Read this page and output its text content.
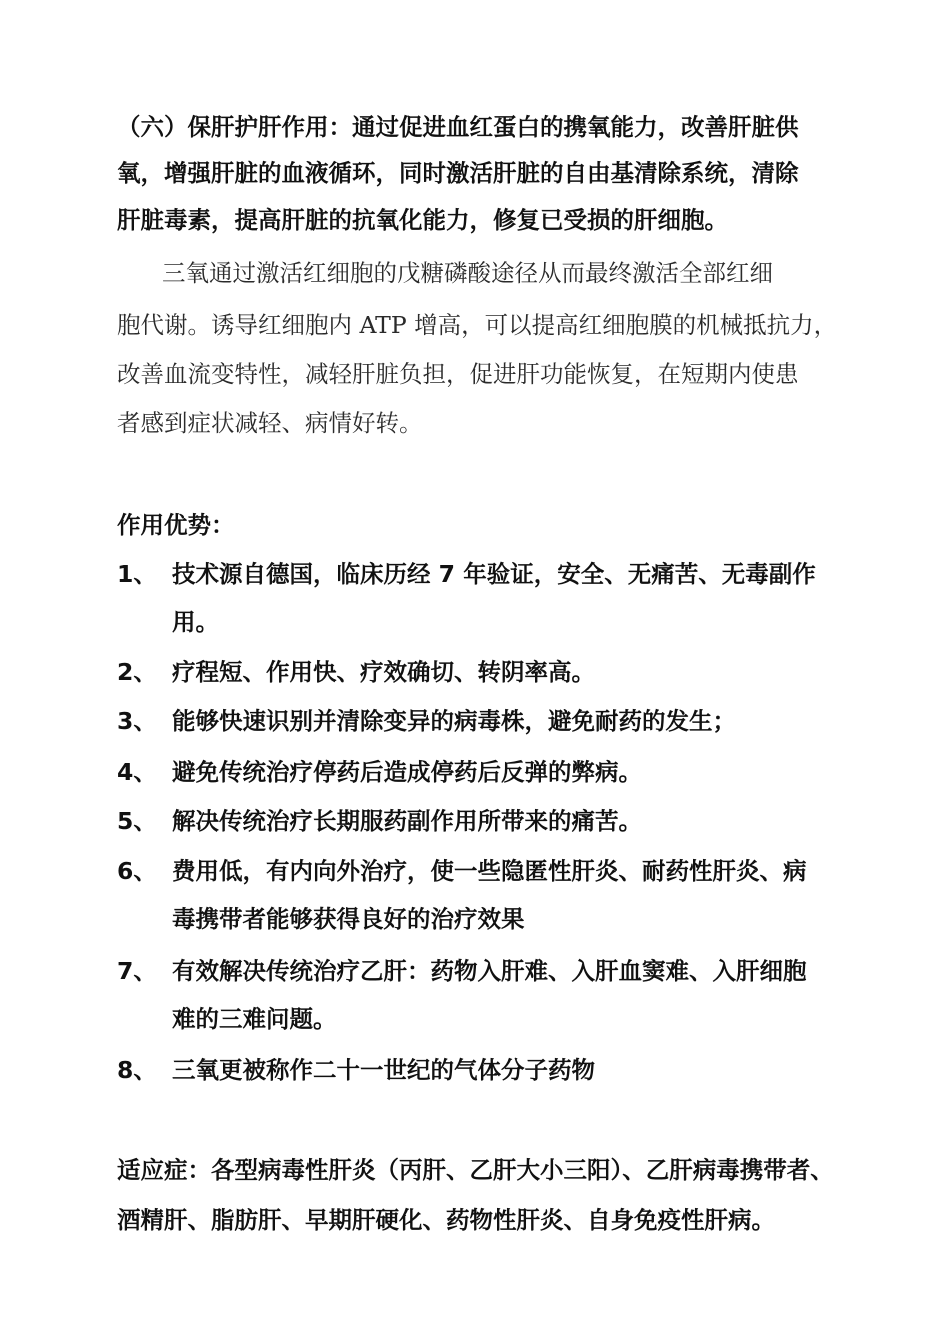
（六）保肝护肝作用：通过促进血红蛋白的携氧能力，改善肝脏供
氧，增强肝脏的血液循环，同时激活肝脏的自由基清除系统，清除
肝脏毒素，提高肝脏的抗氧化能力，修复已受损的肝细胞。
三氧通过激活红细胞的戊糖磷酸途径从而最终激活全部红细
胞代谢。诱导红细胞内 ATP 增高，可以提高红细胞膜的机械抵抗力，
改善血流变特性，减轻肝脏负担，促进肝功能恢复，在短期内使患
者感到症状减轻、病情好转。
作用优势：
1、 技术源自德国，临床历经 7 年验证，安全、无痛苦、无毒副作
用。
2、 疗程短、作用快、疗效确切、转阴率高。
3、 能够快速识别并清除变异的病毒株，避免耐药的发生；
4、 避免传统治疗停药后造成停药后反弹的弊病。
5、 解决传统治疗长期服药副作用所带来的痛苦。
6、 费用低，有内向外治疗，使一些隐匿性肝炎、耐药性肝炎、病
毒携带者能够获得良好的治疗效果
7、 有效解决传统治疗乙肝：药物入肝难、入肝血窦难、入肝细胞
难的三难问题。
8、 三氧更被称作二十一世纪的气体分子药物
适应症：各型病毒性肝炎（丙肝、乙肝大小三阳）、乙肝病毒携带者、
酒精肝、脂肪肝、早期肝硬化、药物性肝炎、自身免疫性肝病。
